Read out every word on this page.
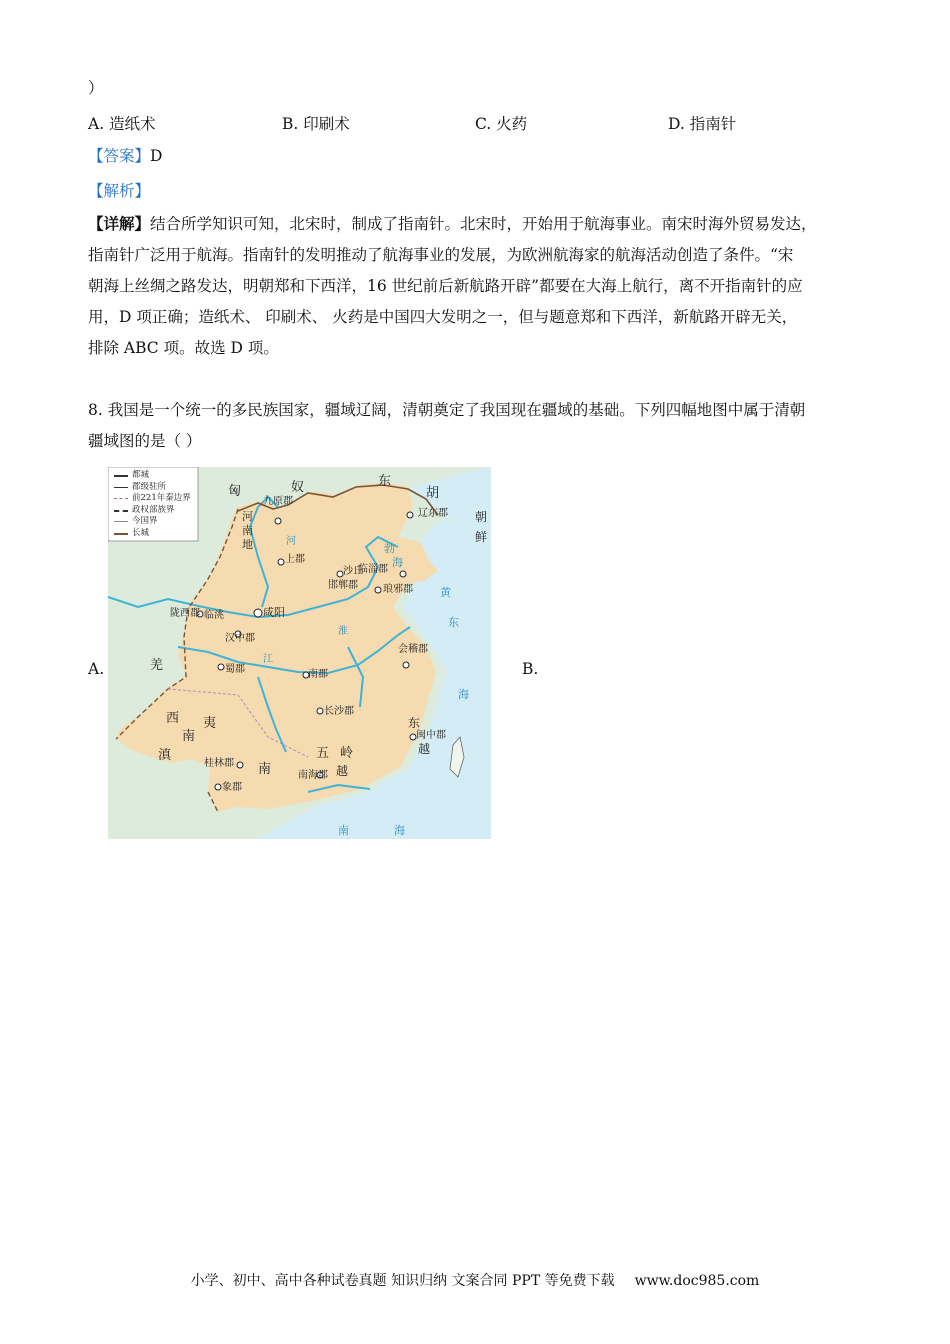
）
A. 造纸术	B. 印刷术	C. 火药	D. 指南针
【答案】D
【解析】
【详解】结合所学知识可知，北宋时，制成了指南针。北宋时，开始用于航海事业。南宋时海外贸易发达，
指南针广泛用于航海。指南针的发明推动了航海事业的发展，为欧洲航海家的航海活动创造了条件。“宋
朝海上丝绸之路发达，明朝郑和下西洋，16 世纪前后新航路开辟”都要在大海上航行，离不开指南针的应
用，D 项正确；造纸术、 印刷术、 火药是中国四大发明之一，但与题意郑和下西洋，新航路开辟无关，
排除 ABC 项。故选 D 项。
8. 我国是一个统一的多民族国家，疆域辽阔，清朝奠定了我国现在疆域的基础。下列四幅地图中属于清朝
疆域图的是（ ）
A.	B.
匈	奴	东
胡
朝
鲜
九原郡
辽东郡
河
南
地
上郡
陇西郡 临洮	咸阳
邯郸郡
沙丘
临淄郡
琅邪郡
汉中郡
蜀郡
会稽郡
南郡
长沙郡
闽中郡
桂林郡
南海郡
象郡
羌
西
南
夷
滇
南
五 岭
越
东
越
勃
海
黄
东
海
南	海
河
江
淮
都城
郡级驻所
前221年秦边界
政权部族界
今国界
长城
小学、初中、高中各种试卷真题 知识归纳 文案合同 PPT 等免费下载 www.doc985.com
